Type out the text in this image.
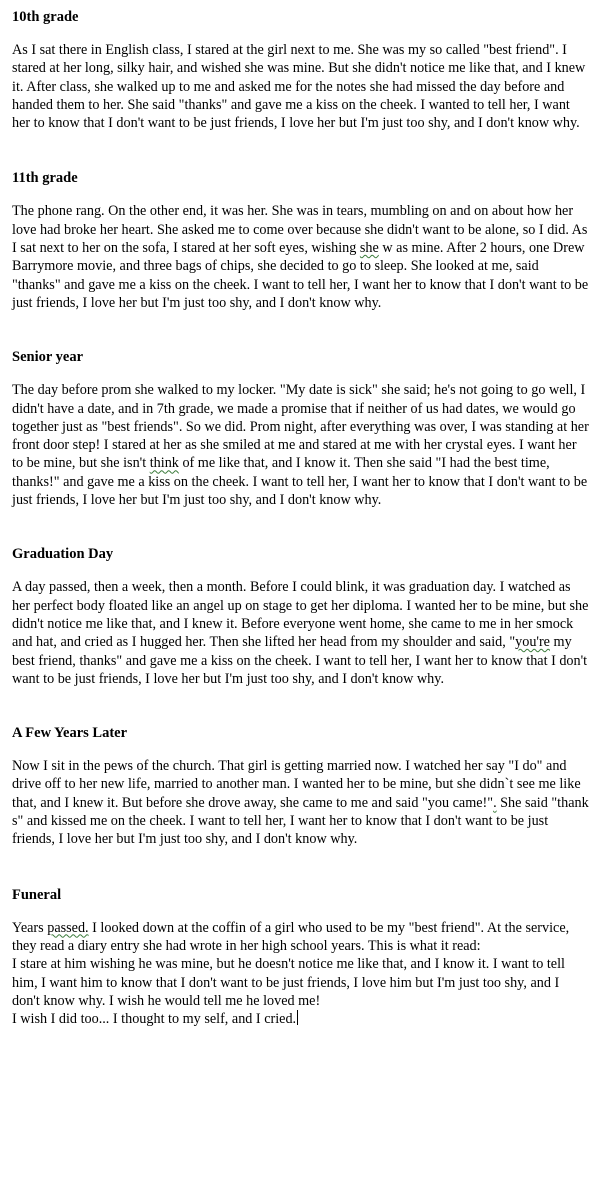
10th grade

As I sat there in English class, I stared at the girl next to me. She was my so called "best friend". I stared at her long, silky hair, and wished she was mine. But she didn't notice me like that, and I knew it. After class, she walked up to me and asked me for the notes she had missed the day before and handed them to her. She said "thanks" and gave me a kiss on the cheek. I wanted to tell her, I want her to know that I don't want to be just friends, I love her but I'm just too shy, and I don't know why.

11th grade

The phone rang. On the other end, it was her. She was in tears, mumbling on and on about how her love had broke her heart. She asked me to come over because she didn't want to be alone, so I did. As I sat next to her on the sofa, I stared at her soft eyes, wishing she w as mine. After 2 hours, one Drew Barrymore movie, and three bags of chips, she decided to go to sleep. She looked at me, said "thanks" and gave me a kiss on the cheek. I want to tell her, I want her to know that I don't want to be just friends, I love her but I'm just too shy, and I don't know why.

Senior year

The day before prom she walked to my locker. "My date is sick" she said; he's not going to go well, I didn't have a date, and in 7th grade, we made a promise that if neither of us had dates, we would go together just as "best friends". So we did. Prom night, after everything was over, I was standing at her front door step! I stared at her as she smiled at me and stared at me with her crystal eyes. I want her to be mine, but she isn't think of me like that, and I know it. Then she said "I had the best time, thanks!" and gave me a kiss on the cheek. I want to tell her, I want her to know that I don't want to be just friends, I love her but I'm just too shy, and I don't know why.

Graduation Day

A day passed, then a week, then a month. Before I could blink, it was graduation day. I watched as her perfect body floated like an angel up on stage to get her diploma. I wanted her to be mine, but she didn't notice me like that, and I knew it. Before everyone went home, she came to me in her smock and hat, and cried as I hugged her. Then she lifted her head from my shoulder and said, "you're my best friend, thanks" and gave me a kiss on the cheek. I want to tell her, I want her to know that I don't want to be just friends, I love her but I'm just too shy, and I don't know why.

A Few Years Later

Now I sit in the pews of the church. That girl is getting married now. I watched her say "I do" and drive off to her new life, married to another man. I wanted her to be mine, but she didn`t see me like that, and I knew it. But before she drove away, she came to me and said "you came!". She said "thank s" and kissed me on the cheek. I want to tell her, I want her to know that I don't want to be just friends, I love her but I'm just too shy, and I don't know why.

Funeral

Years passed. I looked down at the coffin of a girl who used to be my "best friend". At the service, they read a diary entry she had wrote in her high school years. This is what it read:
I stare at him wishing he was mine, but he doesn't notice me like that, and I know it. I want to tell him, I want him to know that I don't want to be just friends, I love him but I'm just too shy, and I don't know why. I wish he would tell me he loved me!
I wish I did too... I thought to my self, and I cried.
